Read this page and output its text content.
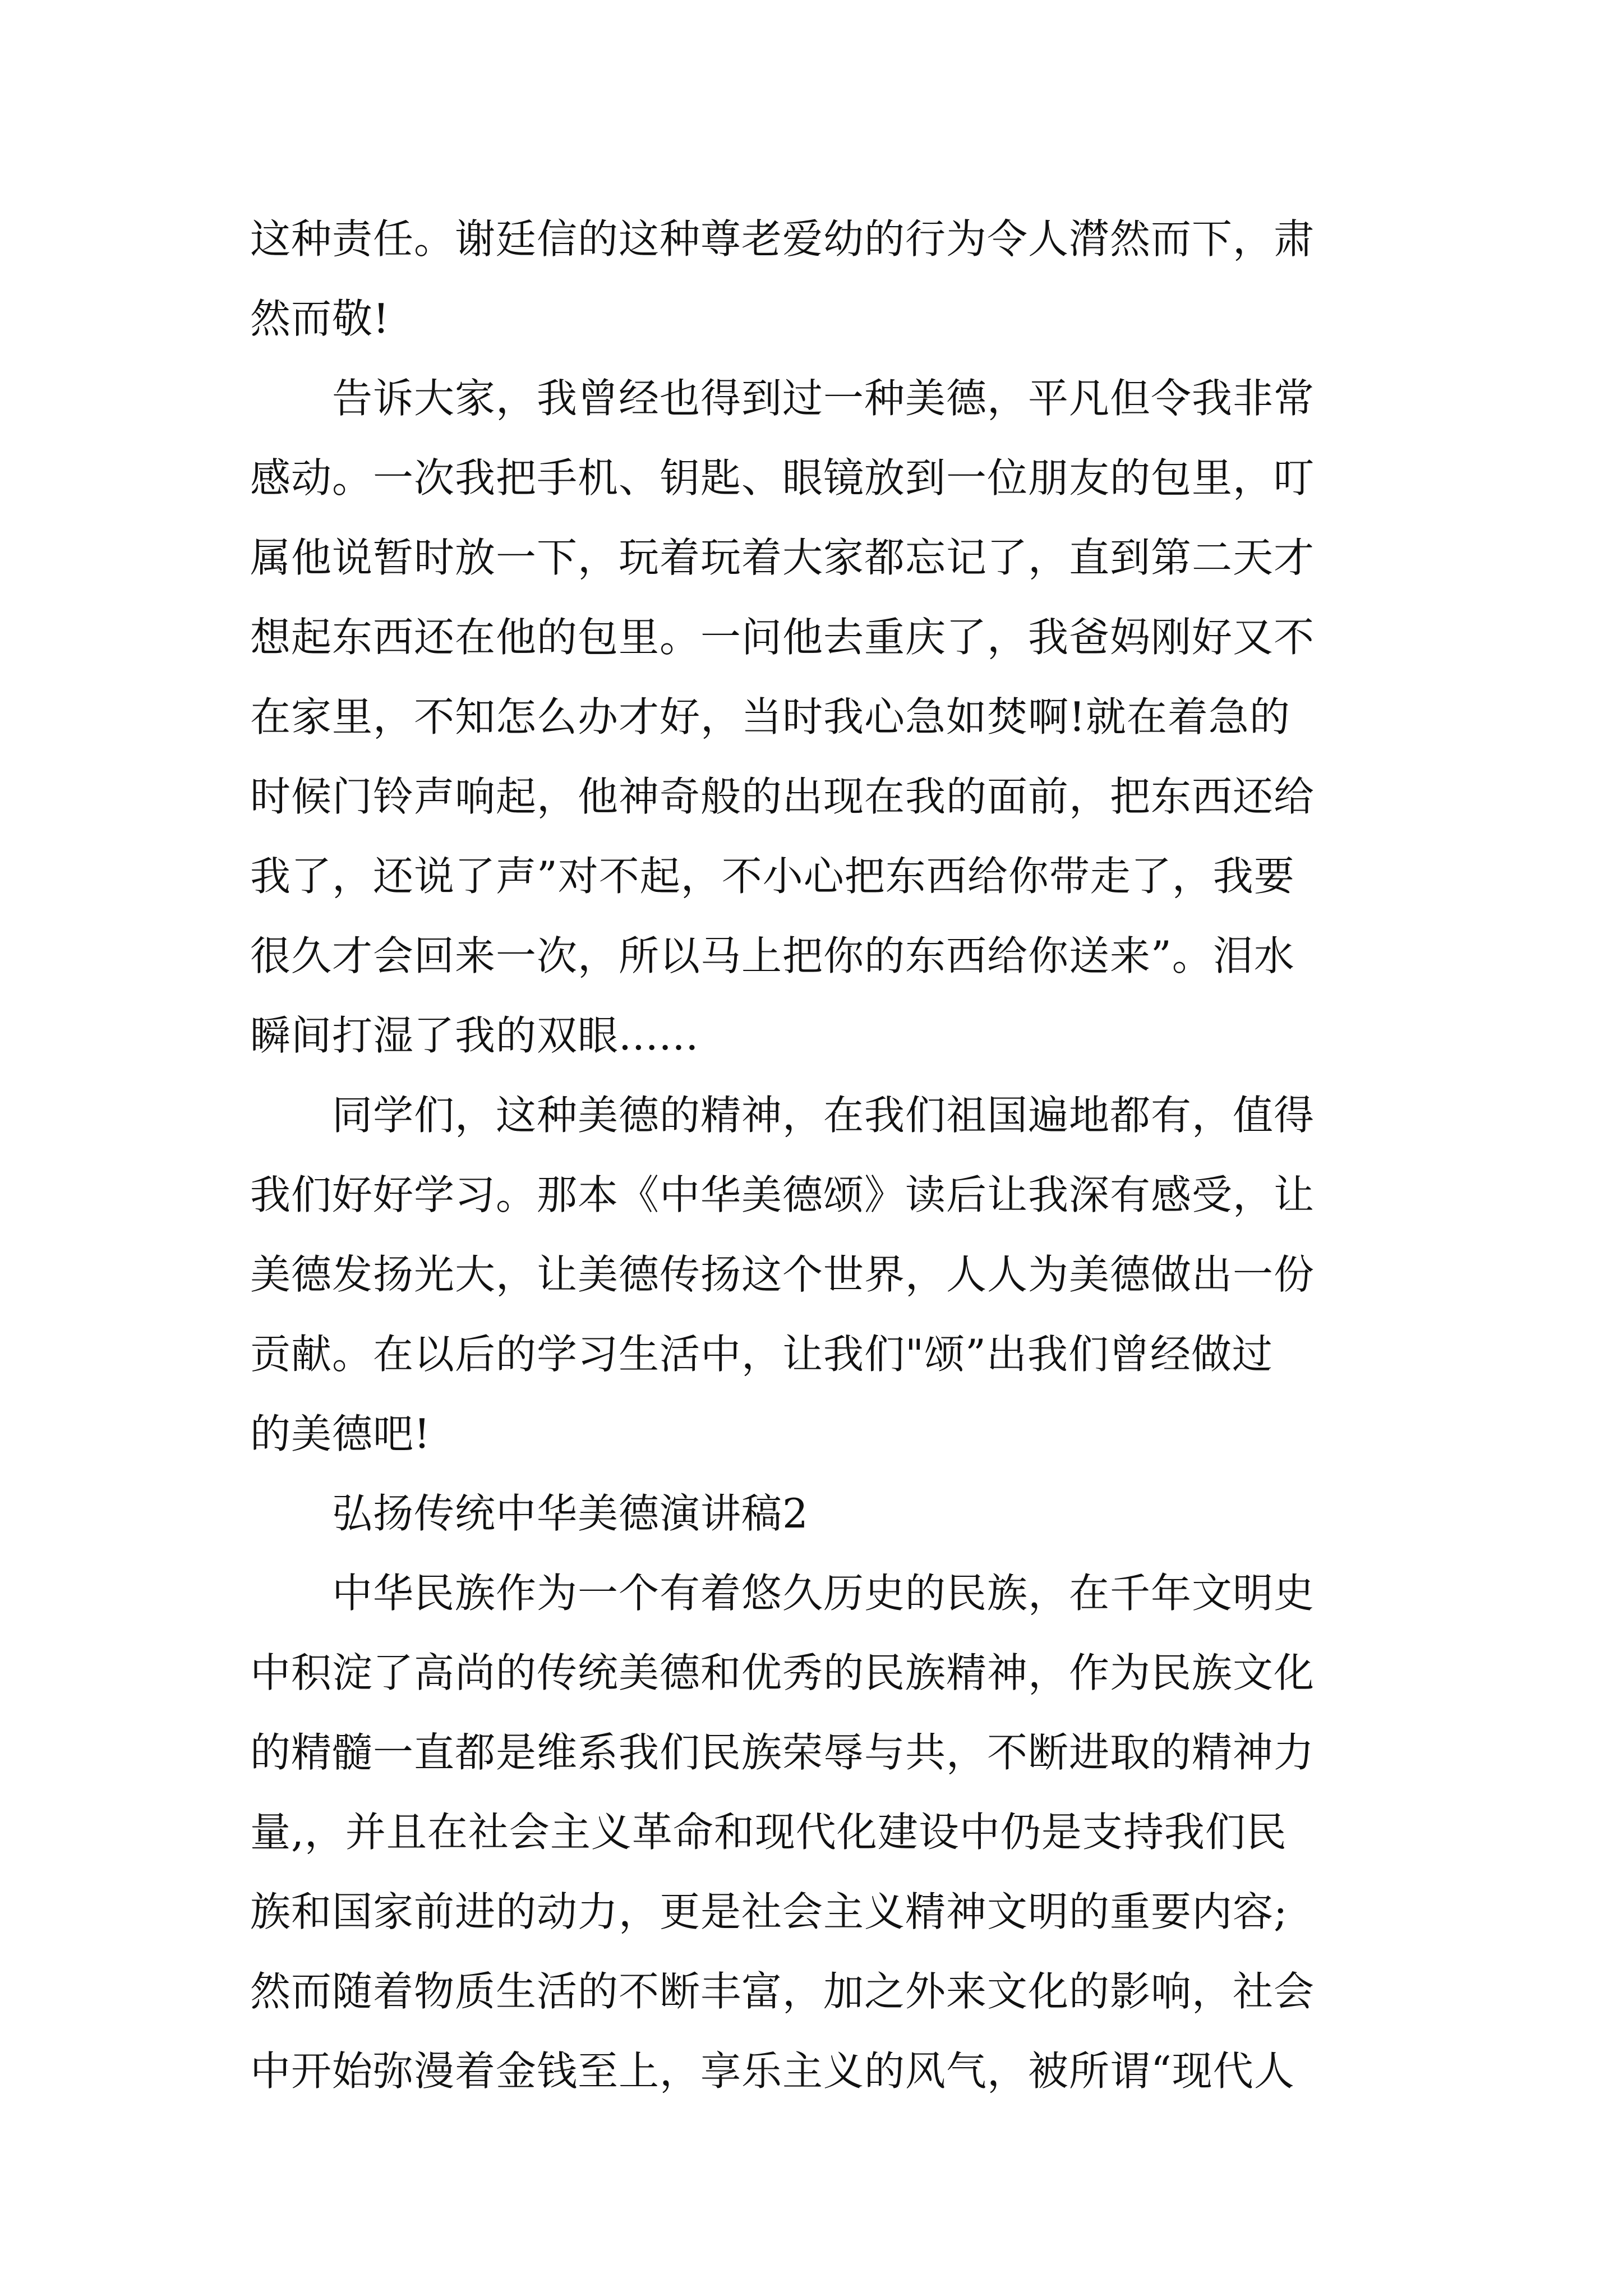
这种责任。谢廷信的这种尊老爱幼的行为令人潸然而下，肃
然而敬!
　　告诉大家，我曾经也得到过一种美德，平凡但令我非常
感动。一次我把手机、钥匙、眼镜放到一位朋友的包里，叮
属他说暂时放一下，玩着玩着大家都忘记了，直到第二天才
想起东西还在他的包里。一问他去重庆了，我爸妈刚好又不
在家里，不知怎么办才好，当时我心急如焚啊!就在着急的
时候门铃声响起，他神奇般的出现在我的面前，把东西还给
我了，还说了声”对不起，不小心把东西给你带走了，我要
很久才会回来一次，所以马上把你的东西给你送来”。泪水
瞬间打湿了我的双眼......
　　同学们，这种美德的精神，在我们祖国遍地都有，值得
我们好好学习。那本《中华美德颂》读后让我深有感受，让
美德发扬光大，让美德传扬这个世界，人人为美德做出一份
贡献。在以后的学习生活中，让我们"颂”出我们曾经做过
的美德吧!
　　弘扬传统中华美德演讲稿2
　　中华民族作为一个有着悠久历史的民族，在千年文明史
中积淀了高尚的传统美德和优秀的民族精神，作为民族文化
的精髓一直都是维系我们民族荣辱与共，不断进取的精神力
量,，并且在社会主义革命和现代化建设中仍是支持我们民
族和国家前进的动力，更是社会主义精神文明的重要内容;
然而随着物质生活的不断丰富，加之外来文化的影响，社会
中开始弥漫着金钱至上，享乐主义的风气，被所谓“现代人
